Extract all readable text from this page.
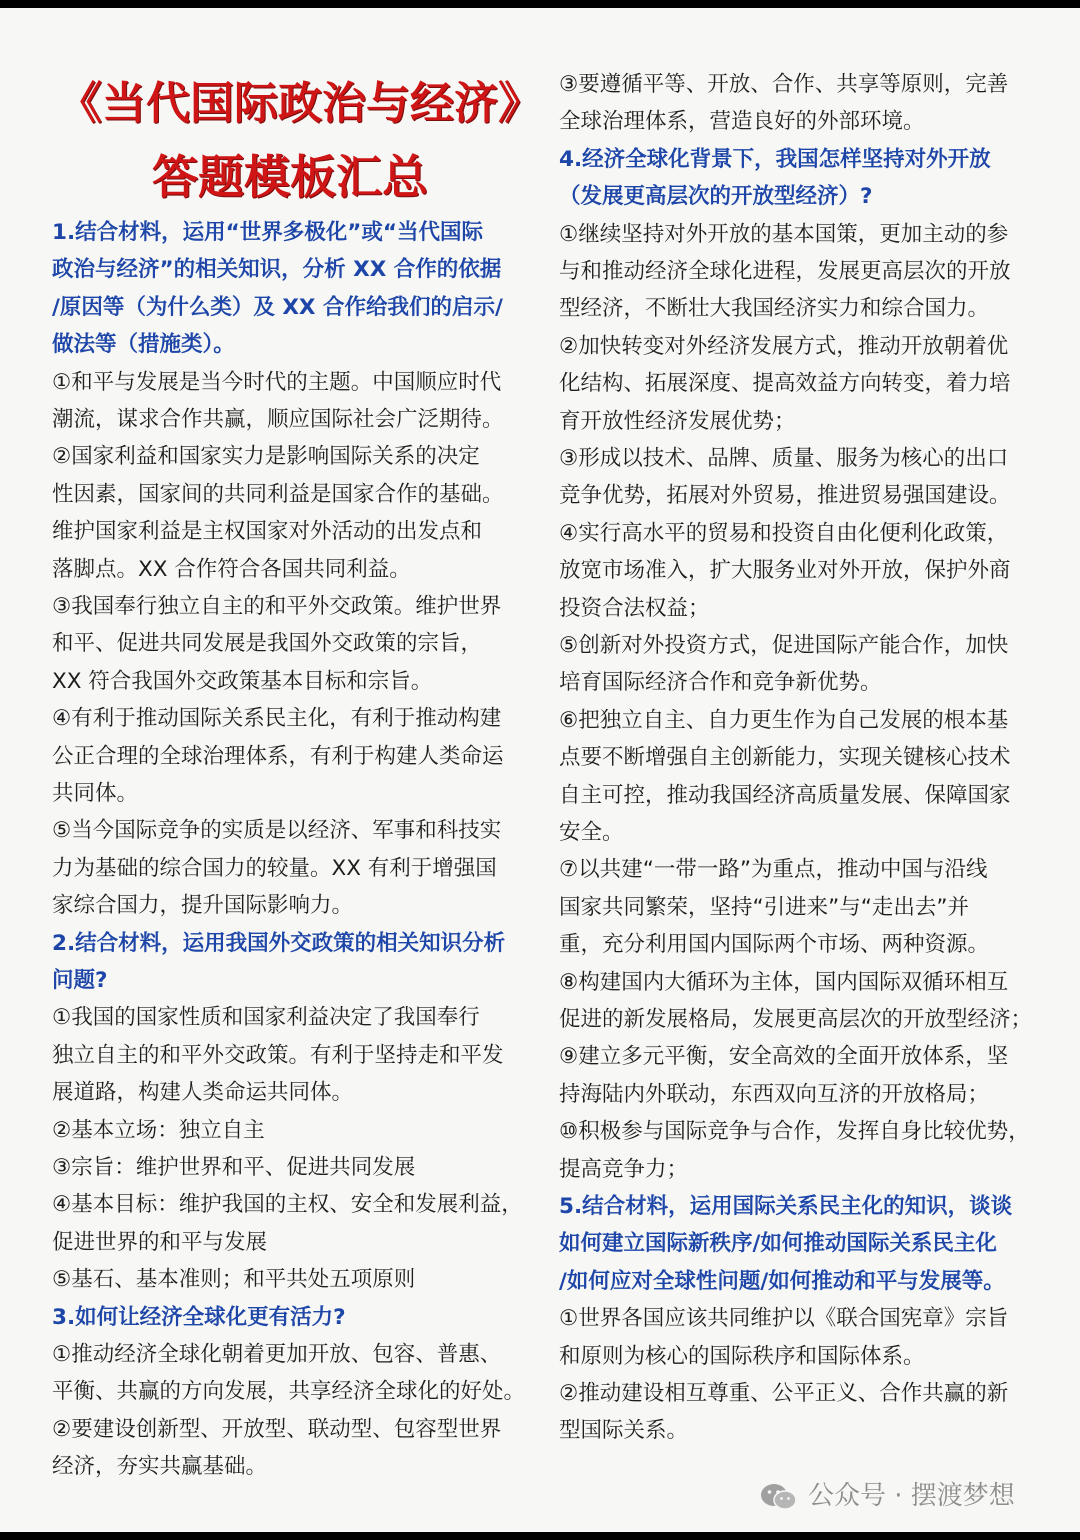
《当代国际政治与经济》
答题模板汇总
1.结合材料，运用“世界多极化”或“当代国际
政治与经济”的相关知识，分析 XX 合作的依据
/原因等（为什么类）及 XX 合作给我们的启示/
做法等（措施类）。
①和平与发展是当今时代的主题。中国顺应时代
潮流，谋求合作共赢，顺应国际社会广泛期待。
②国家利益和国家实力是影响国际关系的决定
性因素，国家间的共同利益是国家合作的基础。
维护国家利益是主权国家对外活动的出发点和
落脚点。XX 合作符合各国共同利益。
③我国奉行独立自主的和平外交政策。维护世界
和平、促进共同发展是我国外交政策的宗旨，
XX 符合我国外交政策基本目标和宗旨。
④有利于推动国际关系民主化，有利于推动构建
公正合理的全球治理体系，有利于构建人类命运
共同体。
⑤当今国际竞争的实质是以经济、军事和科技实
力为基础的综合国力的较量。XX 有利于增强国
家综合国力，提升国际影响力。
2.结合材料，运用我国外交政策的相关知识分析
问题?
①我国的国家性质和国家利益决定了我国奉行
独立自主的和平外交政策。有利于坚持走和平发
展道路，构建人类命运共同体。
②基本立场：独立自主
③宗旨：维护世界和平、促进共同发展
④基本目标：维护我国的主权、安全和发展利益，
促进世界的和平与发展
⑤基石、基本准则；和平共处五项原则
3.如何让经济全球化更有活力?
①推动经济全球化朝着更加开放、包容、普惠、
平衡、共赢的方向发展，共享经济全球化的好处。
②要建设创新型、开放型、联动型、包容型世界
经济，夯实共赢基础。
③要遵循平等、开放、合作、共享等原则，完善
全球治理体系，营造良好的外部环境。
4.经济全球化背景下，我国怎样坚持对外开放
（发展更高层次的开放型经济）?
①继续坚持对外开放的基本国策，更加主动的参
与和推动经济全球化进程，发展更高层次的开放
型经济，不断壮大我国经济实力和综合国力。
②加快转变对外经济发展方式，推动开放朝着优
化结构、拓展深度、提高效益方向转变，着力培
育开放性经济发展优势；
③形成以技术、品牌、质量、服务为核心的出口
竞争优势，拓展对外贸易，推进贸易强国建设。
④实行高水平的贸易和投资自由化便利化政策，
放宽市场准入，扩大服务业对外开放，保护外商
投资合法权益；
⑤创新对外投资方式，促进国际产能合作，加快
培育国际经济合作和竞争新优势。
⑥把独立自主、自力更生作为自己发展的根本基
点要不断增强自主创新能力，实现关键核心技术
自主可控，推动我国经济高质量发展、保障国家
安全。
⑦以共建“一带一路”为重点，推动中国与沿线
国家共同繁荣，坚持“引进来”与“走出去”并
重，充分利用国内国际两个市场、两种资源。
⑧构建国内大循环为主体，国内国际双循环相互
促进的新发展格局，发展更高层次的开放型经济；
⑨建立多元平衡，安全高效的全面开放体系，坚
持海陆内外联动，东西双向互济的开放格局；
⑩积极参与国际竞争与合作，发挥自身比较优势，
提高竞争力；
5.结合材料，运用国际关系民主化的知识，谈谈
如何建立国际新秩序/如何推动国际关系民主化
/如何应对全球性问题/如何推动和平与发展等。
①世界各国应该共同维护以《联合国宪章》宗旨
和原则为核心的国际秩序和国际体系。
②推动建设相互尊重、公平正义、合作共赢的新
型国际关系。
公众号 · 摆渡梦想
